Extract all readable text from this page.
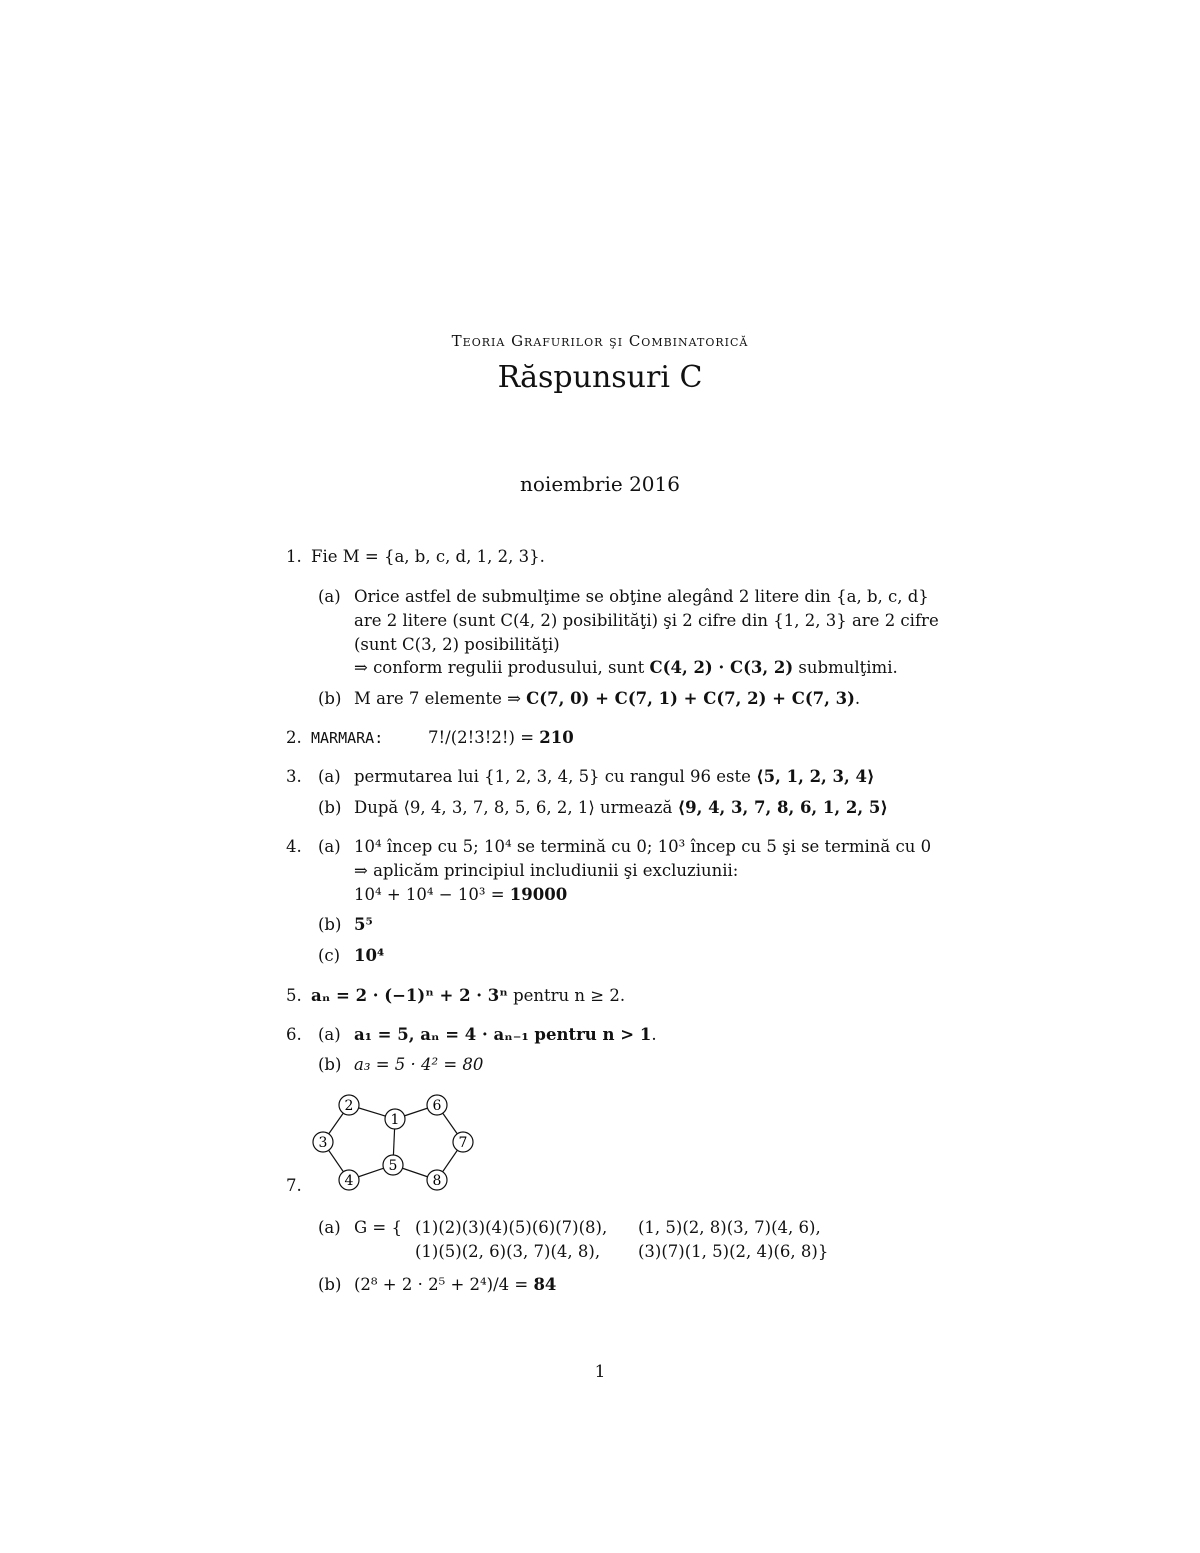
Teoria Grafurilor şi Combinatorică
Răspunsuri C
noiembrie 2016
1. Fie M = {a, b, c, d, 1, 2, 3}.
(a) Orice astfel de submulţime se obţine alegând 2 litere din {a, b, c, d}
are 2 litere (sunt C(4, 2) posibilităţi) şi 2 cifre din {1, 2, 3} are 2 cifre
(sunt C(3, 2) posibilităţi)
⇒ conform regulii produsului, sunt C(4, 2) · C(3, 2) submulţimi.
(b) M are 7 elemente ⇒ C(7, 0) + C(7, 1) + C(7, 2) + C(7, 3).
2. MARMARA:	7!/(2!3!2!) = 210
3. (a) permutarea lui {1, 2, 3, 4, 5} cu rangul 96 este ⟨5, 1, 2, 3, 4⟩
(b) După ⟨9, 4, 3, 7, 8, 5, 6, 2, 1⟩ urmează ⟨9, 4, 3, 7, 8, 6, 1, 2, 5⟩
4. (a) 10⁴ încep cu 5; 10⁴ se termină cu 0; 10³ încep cu 5 şi se termină cu 0
⇒ aplicăm principiul includiunii şi excluziunii:
10⁴ + 10⁴ − 10³ = 19000
(b) 5⁵
(c) 10⁴
5. aₙ = 2 · (−1)ⁿ + 2 · 3ⁿ pentru n ≥ 2.
6. (a) a₁ = 5, aₙ = 4 · aₙ₋₁ pentru n > 1.
(b) a₃ = 5 · 4² = 80
7.
(a) G = { (1)(2)(3)(4)(5)(6)(7)(8), (1, 5)(2, 8)(3, 7)(4, 6),
(1)(5)(2, 6)(3, 7)(4, 8), (3)(7)(1, 5)(2, 4)(6, 8)}
(b) (2⁸ + 2 · 2⁵ + 2⁴)/4 = 84
1
2
3
4
5
6
7
8
1
